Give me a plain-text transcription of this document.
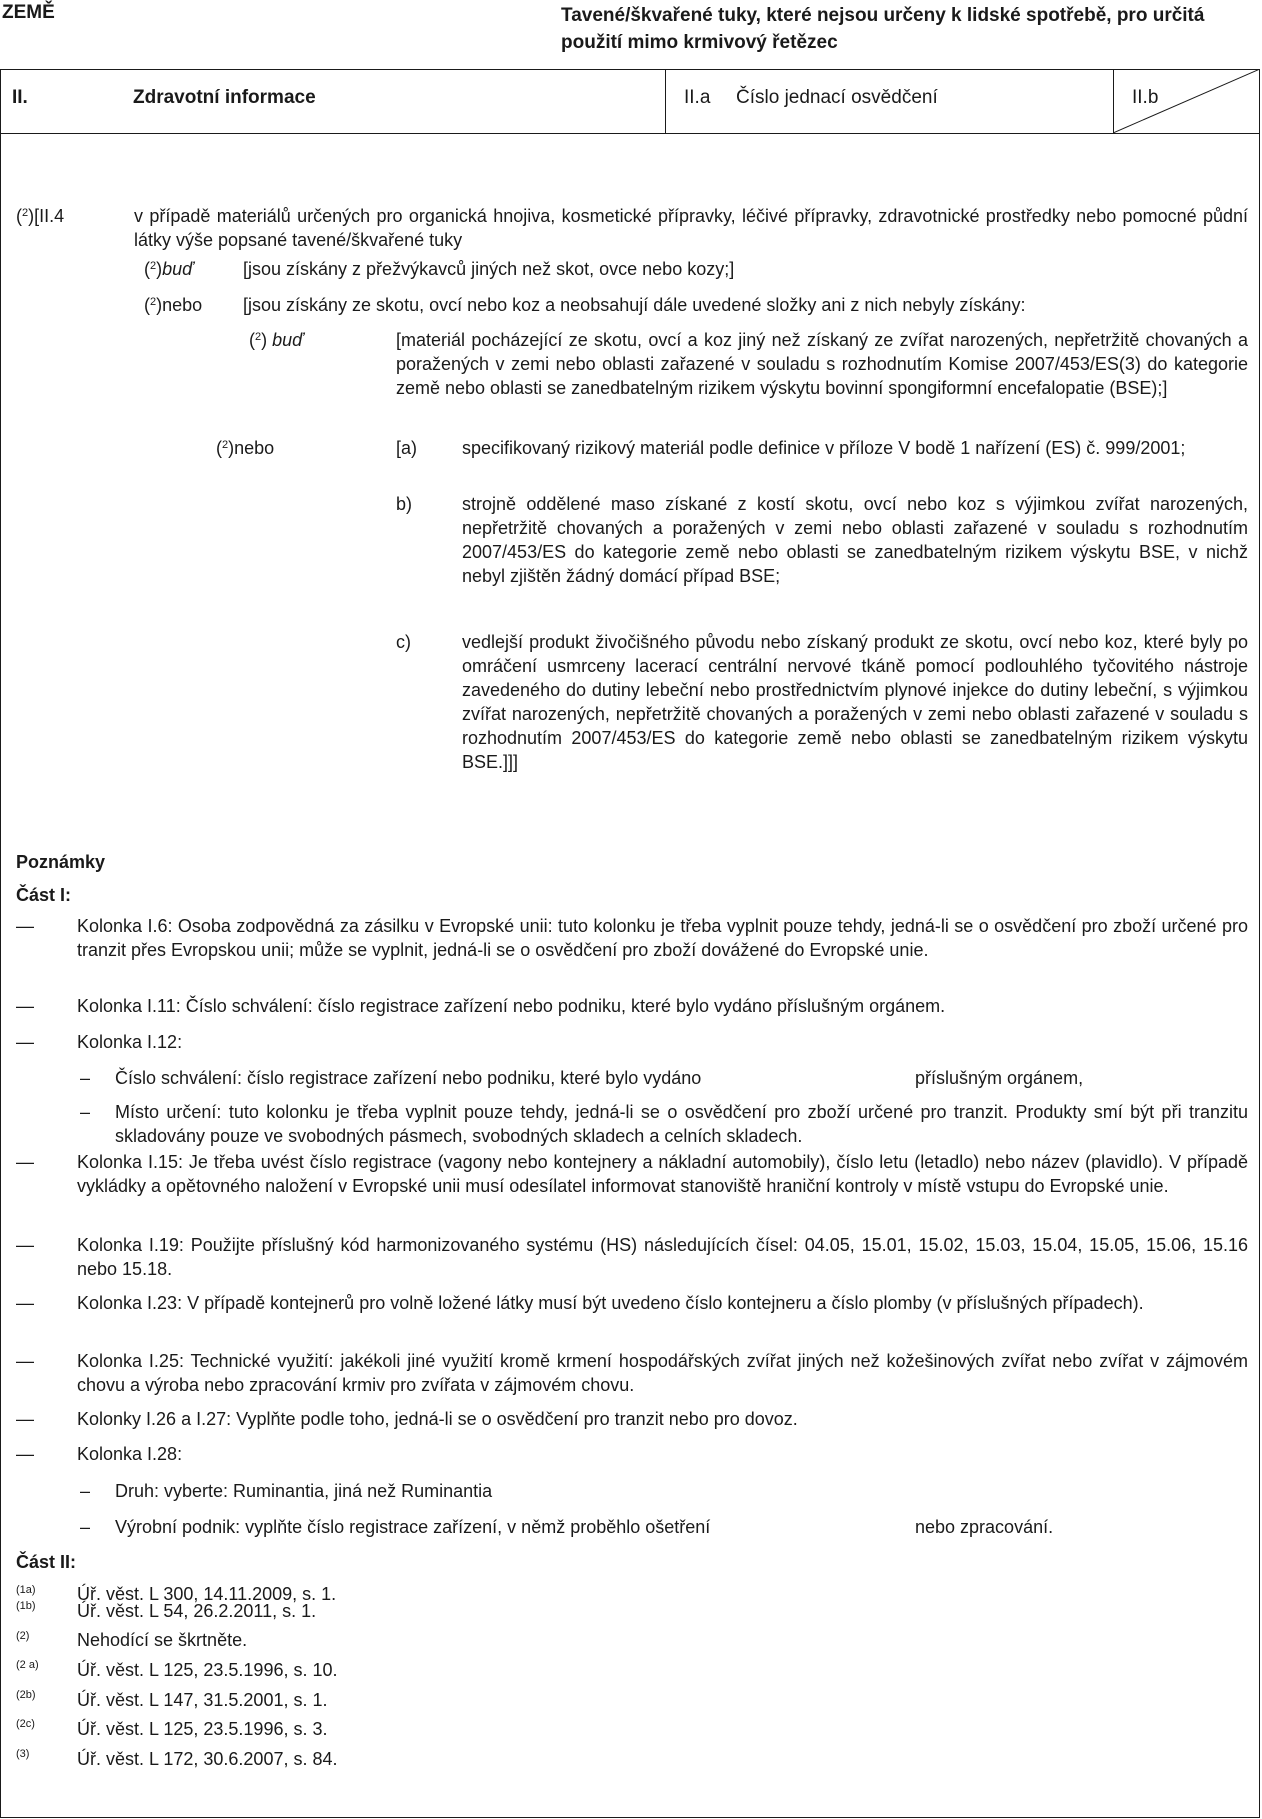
ZEMĚ	Tavené/škvařené tuky, které nejsou určeny k lidské spotřebě, pro určitá použití mimo krmivový řetězec
II.	Zdravotní informace	II.a Číslo jednací osvědčení	II.b
($^2$)[II.4	v případě materiálů určených pro organická hnojiva, kosmetické přípravky, léčivé přípravky, zdravotnické prostředky nebo pomocné půdní látky výše popsané tavené/škvařené tuky
($^2$)buď	[jsou získány z přežvýkavců jiných než skot, ovce nebo kozy;]
($^2$)nebo [jsou získány ze skotu, ovcí nebo koz a neobsahují dále uvedené složky ani z nich nebyly získány:
($^2$) buď	[materiál pocházející ze skotu, ovcí a koz jiný než získaný ze zvířat narozených, nepřetržitě chovaných a poražených v zemi nebo oblasti zařazené v souladu s rozhodnutím Komise 2007/453/ES(3) do kategorie země nebo oblasti se zanedbatelným rizikem výskytu bovinní spongiformní encefalopatie (BSE);]
($^2$)nebo	[a) specifikovaný rizikový materiál podle definice v příloze V bodě 1 nařízení (ES) č. 999/2001;
b)	strojně oddělené maso získané z kostí skotu, ovcí nebo koz s výjimkou zvířat narozených, nepřetržitě chovaných a poražených v zemi nebo oblasti zařazené v souladu s rozhodnutím 2007/453/ES do kategorie země nebo oblasti se zanedbatelným rizikem výskytu BSE, v nichž nebyl zjištěn žádný domácí případ BSE;
c)	vedlejší produkt živočišného původu nebo získaný produkt ze skotu, ovcí nebo koz, které byly po omráčení usmrceny lacerací centrální nervové tkáně pomocí podlouhlého tyčovitého nástroje zavedeného do dutiny lebeční nebo prostřednictvím plynové injekce do dutiny lebeční, s výjimkou zvířat narozených, nepřetržitě chovaných a poražených v zemi nebo oblasti zařazené v souladu s rozhodnutím 2007/453/ES do kategorie země nebo oblasti se zanedbatelným rizikem výskytu BSE.]]]
Poznámky
Část I:
— Kolonka I.6: Osoba zodpovědná za zásilku v Evropské unii: tuto kolonku je třeba vyplnit pouze tehdy, jedná-li se o osvědčení pro zboží určené pro tranzit přes Evropskou unii; může se vyplnit, jedná-li se o osvědčení pro zboží dovážené do Evropské unie.
— Kolonka I.11: Číslo schválení: číslo registrace zařízení nebo podniku, které bylo vydáno příslušným orgánem.
— Kolonka I.12:
– Číslo schválení: číslo registrace zařízení nebo podniku, které bylo vydáno	příslušným orgánem,
– Místo určení: tuto kolonku je třeba vyplnit pouze tehdy, jedná-li se o osvědčení pro zboží určené pro tranzit. Produkty smí být při tranzitu skladovány pouze ve svobodných pásmech, svobodných skladech a celních skladech.
— Kolonka I.15: Je třeba uvést číslo registrace (vagony nebo kontejnery a nákladní automobily), číslo letu (letadlo) nebo název (plavidlo). V případě vykládky a opětovného naložení v Evropské unii musí odesílatel informovat stanoviště hraniční kontroly v místě vstupu do Evropské unie.
— Kolonka I.19: Použijte příslušný kód harmonizovaného systému (HS) následujících čísel: 04.05, 15.01, 15.02, 15.03, 15.04, 15.05, 15.06, 15.16 nebo 15.18.
— Kolonka I.23: V případě kontejnerů pro volně ložené látky musí být uvedeno číslo kontejneru a číslo plomby (v příslušných případech).
— Kolonka I.25: Technické využití: jakékoli jiné využití kromě krmení hospodářských zvířat jiných než kožešinových zvířat nebo zvířat v zájmovém chovu a výroba nebo zpracování krmiv pro zvířata v zájmovém chovu.
— Kolonky I.26 a I.27: Vyplňte podle toho, jedná-li se o osvědčení pro tranzit nebo pro dovoz.
— Kolonka I.28:
– Druh: vyberte: Ruminantia, jiná než Ruminantia
– Výrobní podnik: vyplňte číslo registrace zařízení, v němž proběhlo ošetření	nebo zpracování.
Část II:
(1a) Úř. věst. L 300, 14.11.2009, s. 1.
(1b) Úř. věst. L 54, 26.2.2011, s. 1.
(2)	Nehodící se škrtněte.
(2 a) Úř. věst. L 125, 23.5.1996, s. 10.
(2b) Úř. věst. L 147, 31.5.2001, s. 1.
(2c) Úř. věst. L 125, 23.5.1996, s. 3.
(3)	Úř. věst. L 172, 30.6.2007, s. 84.
